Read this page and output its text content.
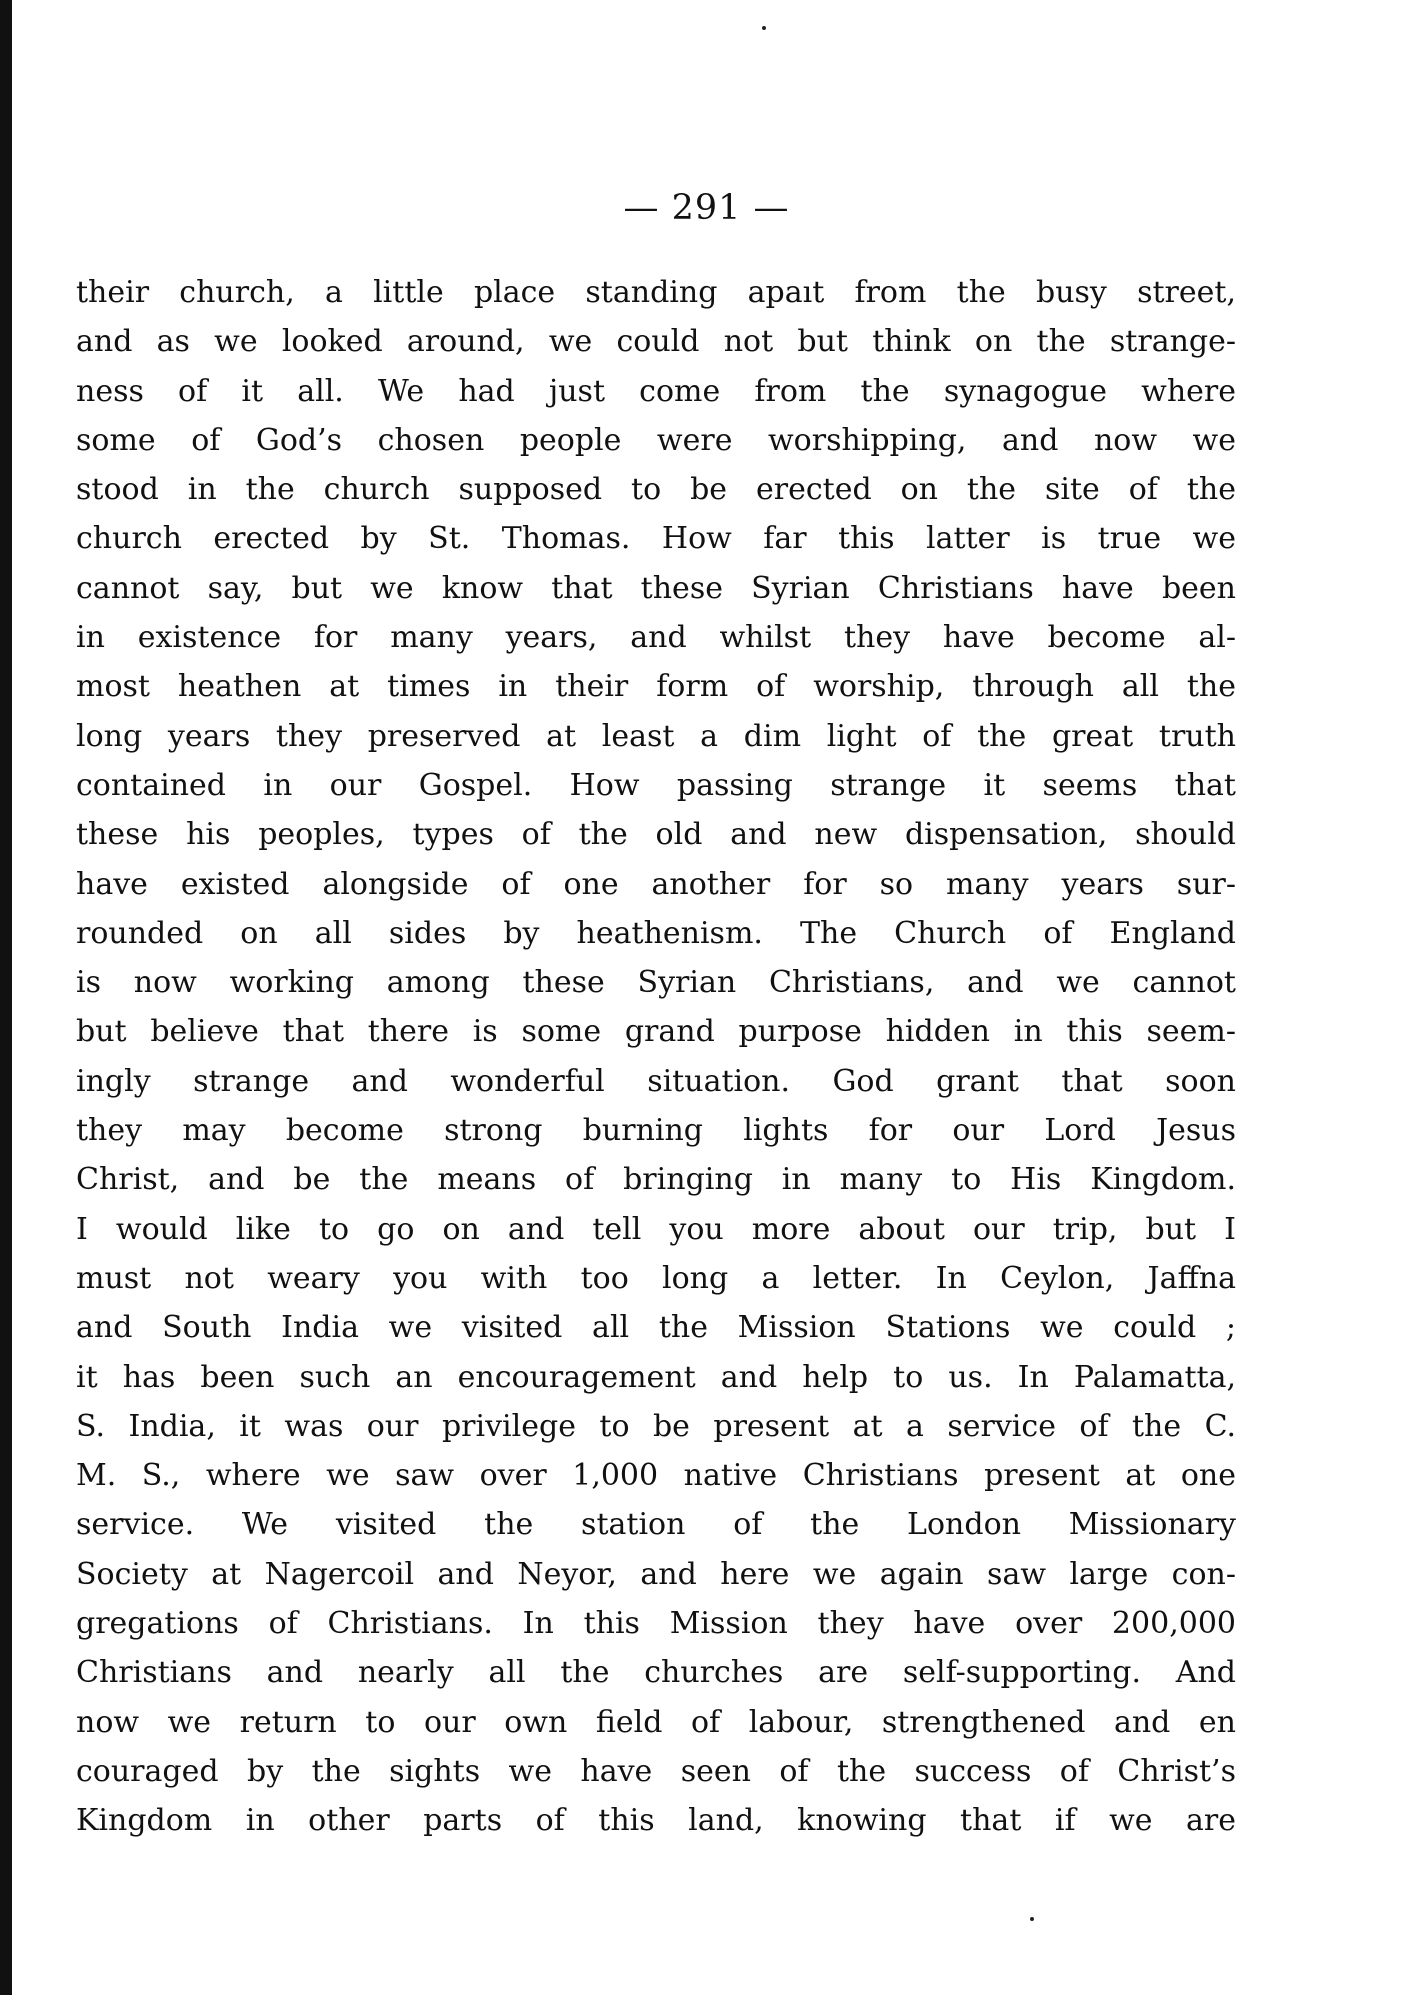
— 291 —
their church, a little place standing apaıt from the busy street,
and as we looked around, we could not but think on the strange-
ness of it all. We had just come from the synagogue where
some of God’s chosen people were worshipping, and now we
stood in the church supposed to be erected on the site of the
church erected by St. Thomas. How far this latter is true we
cannot say, but we know that these Syrian Christians have been
in existence for many years, and whilst they have become al-
most heathen at times in their form of worship, through all the
long years they preserved at least a dim light of the great truth
contained in our Gospel. How passing strange it seems that
these his peoples, types of the old and new dispensation, should
have existed alongside of one another for so many years sur-
rounded on all sides by heathenism. The Church of England
is now working among these Syrian Christians, and we cannot
but believe that there is some grand purpose hidden in this seem-
ingly strange and wonderful situation. God grant that soon
they may become strong burning lights for our Lord Jesus
Christ, and be the means of bringing in many to His Kingdom.
I would like to go on and tell you more about our trip, but I
must not weary you with too long a letter. In Ceylon, Jaffna
and South India we visited all the Mission Stations we could ;
it has been such an encouragement and help to us. In Palamatta,
S. India, it was our privilege to be present at a service of the C.
M. S., where we saw over 1,000 native Christians present at one
service. We visited the station of the London Missionary
Society at Nagercoil and Neyor, and here we again saw large con-
gregations of Christians. In this Mission they have over 200,000
Christians and nearly all the churches are self-supporting. And
now we return to our own field of labour, strengthened and en
couraged by the sights we have seen of the success of Christ’s
Kingdom in other parts of this land, knowing that if we are
